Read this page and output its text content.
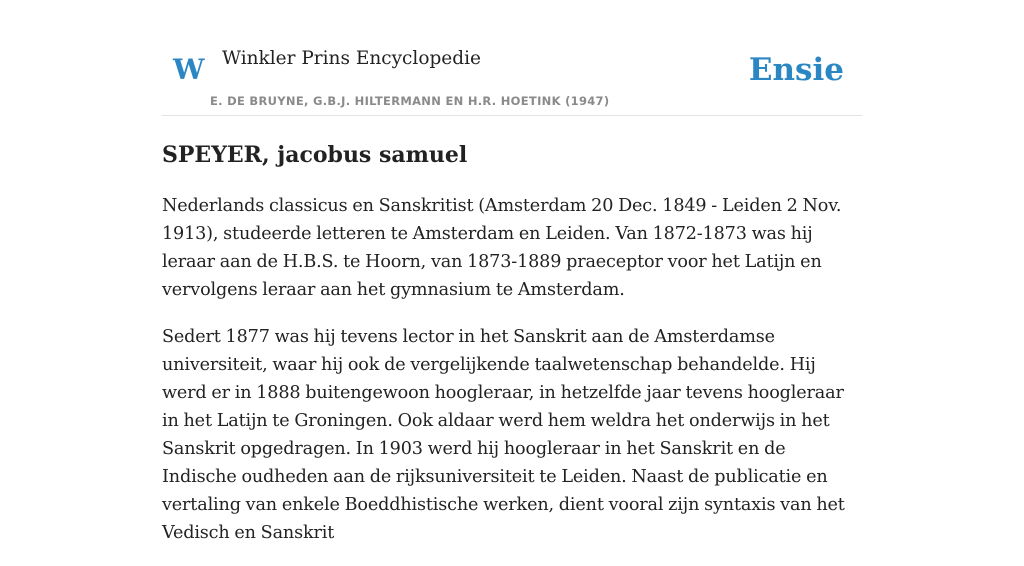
W Winkler Prins Encyclopedie
E. DE BRUYNE, G.B.J. HILTERMANN EN H.R. HOETINK (1947)
Ensie
SPEYER, jacobus samuel

Nederlands classicus en Sanskritist (Amsterdam 20 Dec. 1849 - Leiden 2 Nov. 1913), studeerde letteren te Amsterdam en Leiden. Van 1872-1873 was hij leraar aan de H.B.S. te Hoorn, van 1873-1889 praeceptor voor het Latijn en vervolgens leraar aan het gymnasium te Amsterdam.

Sedert 1877 was hij tevens lector in het Sanskrit aan de Amsterdamse universiteit, waar hij ook de vergelijkende taalwetenschap behandelde. Hij werd er in 1888 buitengewoon hoogleraar, in hetzelfde jaar tevens hoogleraar in het Latijn te Groningen. Ook aldaar werd hem weldra het onderwijs in het Sanskrit opgedragen. In 1903 werd hij hoogleraar in het Sanskrit en de Indische oudheden aan de rijksuniversiteit te Leiden. Naast de publicatie en vertaling van enkele Boeddhistische werken, dient vooral zijn syntaxis van het Vedisch en Sanskrit
